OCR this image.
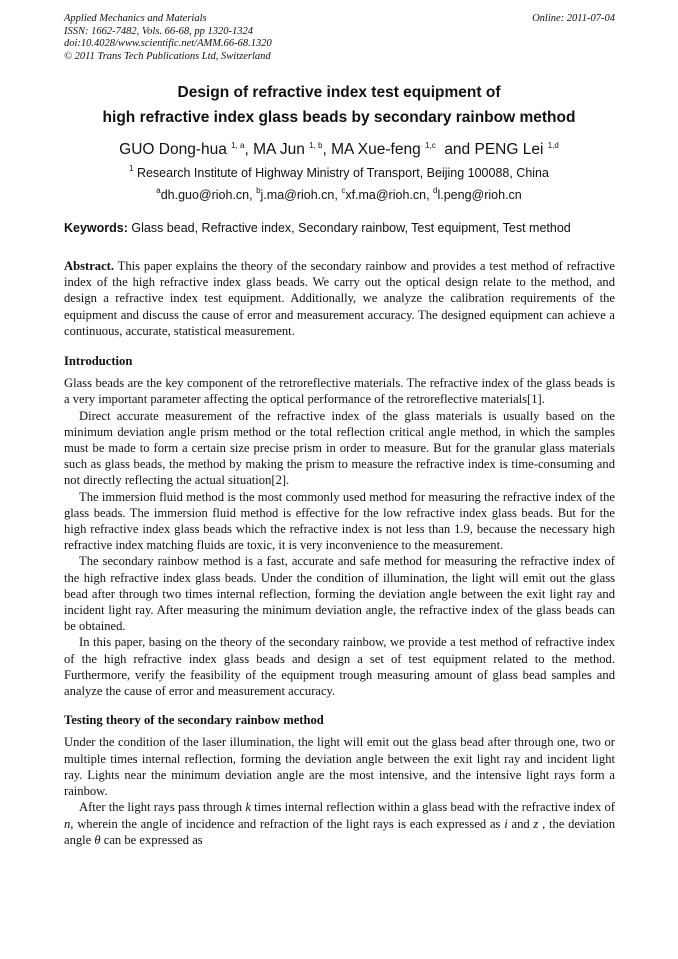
Applied Mechanics and Materials
ISSN: 1662-7482, Vols. 66-68, pp 1320-1324
doi:10.4028/www.scientific.net/AMM.66-68.1320
© 2011 Trans Tech Publications Ltd, Switzerland
Online: 2011-07-04
Design of refractive index test equipment of
high refractive index glass beads by secondary rainbow method
GUO Dong-hua $^{1, a}$, MA Jun $^{1, b}$, MA Xue-feng $^{1,c}$  and PENG Lei $^{1,d}$
$^1$ Research Institute of Highway Ministry of Transport, Beijing 100088, China
$^a$dh.guo@rioh.cn, $^b$j.ma@rioh.cn, $^c$xf.ma@rioh.cn, $^d$l.peng@rioh.cn
Keywords: Glass bead, Refractive index, Secondary rainbow, Test equipment, Test method

Abstract. This paper explains the theory of the secondary rainbow and provides a test method of refractive index of the high refractive index glass beads. We carry out the optical design relate to the method, and design a refractive index test equipment. Additionally, we analyze the calibration requirements of the equipment and discuss the cause of error and measurement accuracy. The designed equipment can achieve a continuous, accurate, statistical measurement.

Introduction

Glass beads are the key component of the retroreflective materials. The refractive index of the glass beads is a very important parameter affecting the optical performance of the retroreflective materials[1].

Direct accurate measurement of the refractive index of the glass materials is usually based on the minimum deviation angle prism method or the total reflection critical angle method, in which the samples must be made to form a certain size precise prism in order to measure. But for the granular glass materials such as glass beads, the method by making the prism to measure the refractive index is time-consuming and not directly reflecting the actual situation[2].

The immersion fluid method is the most commonly used method for measuring the refractive index of the glass beads. The immersion fluid method is effective for the low refractive index glass beads. But for the high refractive index glass beads which the refractive index is not less than 1.9, because the necessary high refractive index matching fluids are toxic, it is very inconvenience to the measurement.

The secondary rainbow method is a fast, accurate and safe method for measuring the refractive index of the high refractive index glass beads. Under the condition of illumination, the light will emit out the glass bead after through two times internal reflection, forming the deviation angle between the exit light ray and incident light ray. After measuring the minimum deviation angle, the refractive index of the glass beads can be obtained.

In this paper, basing on the theory of the secondary rainbow, we provide a test method of refractive index of the high refractive index glass beads and design a set of test equipment related to the method. Furthermore, verify the feasibility of the equipment trough measuring amount of glass bead samples and analyze the cause of error and measurement accuracy.

Testing theory of the secondary rainbow method

Under the condition of the laser illumination, the light will emit out the glass bead after through one, two or multiple times internal reflection, forming the deviation angle between the exit light ray and incident light ray. Lights near the minimum deviation angle are the most intensive, and the intensive light rays form a rainbow.

After the light rays pass through k times internal reflection within a glass bead with the refractive index of n, wherein the angle of incidence and refraction of the light rays is each expressed as i and z , the deviation angle θ can be expressed as
